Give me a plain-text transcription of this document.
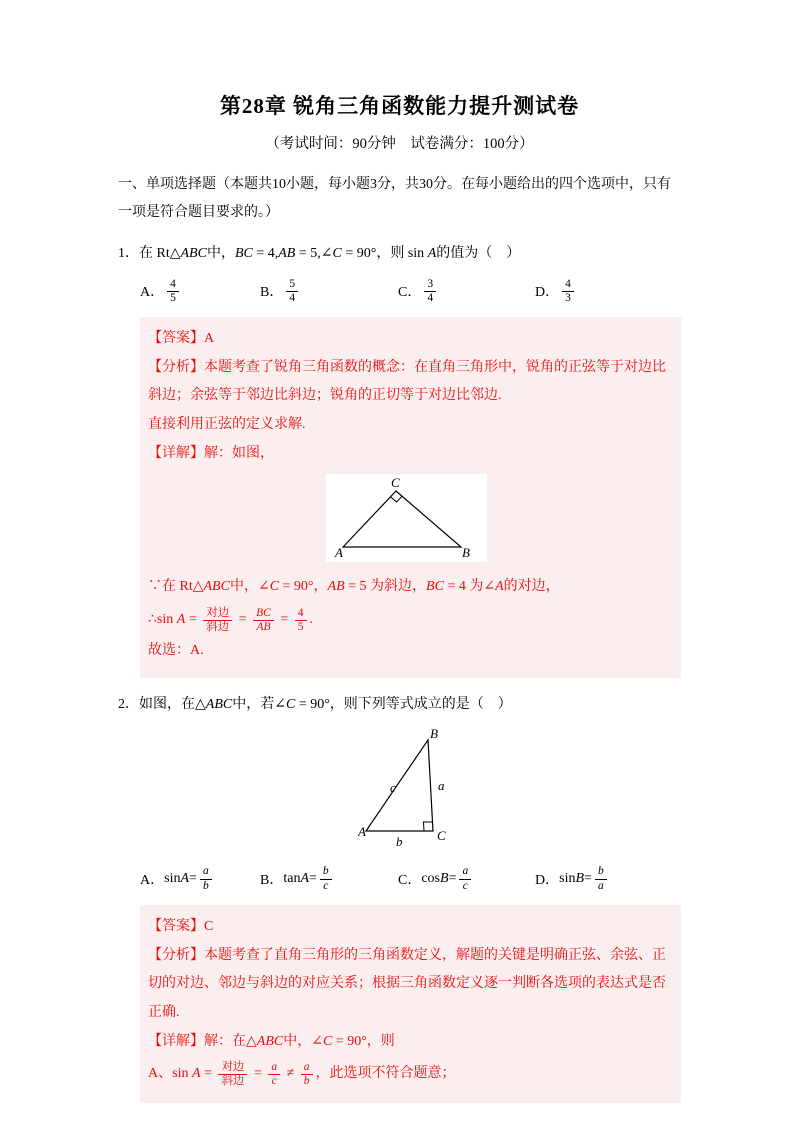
第28章 锐角三角函数能力提升测试卷

（考试时间：90分钟　试卷满分：100分）

一、单项选择题（本题共10小题，每小题3分，共30分。在每小题给出的四个选项中，只有一项是符合题目要求的。）

1．在 Rt△ABC中，BC = 4,AB = 5,∠C = 90°，则 sin A的值为（　）

A． $\frac{4}{5}$	B． $\frac{5}{4}$	C． $\frac{3}{4}$	D． $\frac{4}{3}$

【答案】A

【分析】本题考查了锐角三角函数的概念：在直角三角形中，锐角的正弦等于对边比斜边；余弦等于邻边比斜边；锐角的正切等于对边比邻边.

直接利用正弦的定义求解.

【详解】解：如图，

C
A	B

∵在 Rt△ABC中，∠C = 90°，AB = 5 为斜边，BC = 4 为∠A的对边，

∴sin $A = \frac{\text{对边}}{\text{斜边}} = \frac{BC}{AB} = \frac{4}{5}$ .

故选：A.

2．如图，在△ABC中，若∠C = 90°，则下列等式成立的是（　）

B
A	C
c	a
b
A． $\sin A = \frac{a}{b}$	B． $\tan A = \frac{b}{c}$	C． $\cos B = \frac{a}{c}$	D． $\sin B = \frac{b}{a}$

【答案】C

【分析】本题考查了直角三角形的三角函数定义，解题的关键是明确正弦、余弦、正切的对边、邻边与斜边的对应关系；根据三角函数定义逐一判断各选项的表达式是否正确.

【详解】解：在△ABC中，∠C = 90°，则

A、$\sin A = \frac{\text{对边}}{\text{斜边}} = \frac{a}{c} \ne \frac{a}{b}$ ，此选项不符合题意；
